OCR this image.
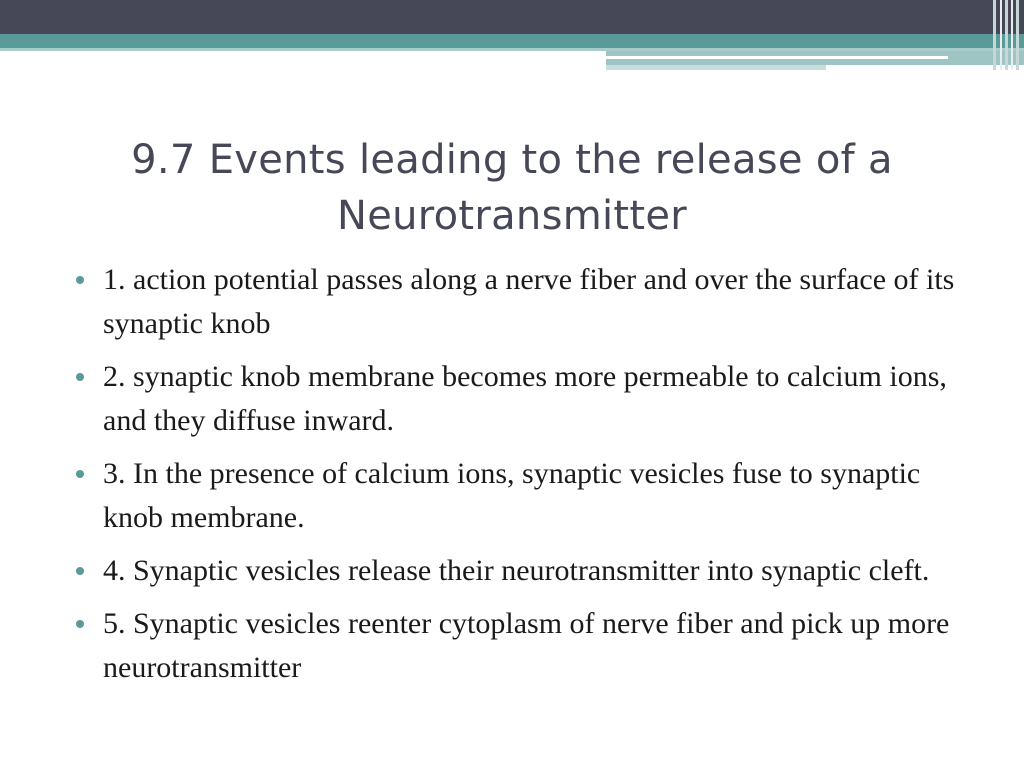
9.7 Events leading to the release of a Neurotransmitter
1. action potential passes along a nerve fiber and over the surface of its synaptic knob
2. synaptic knob membrane becomes more permeable to calcium ions, and they diffuse inward.
3. In the presence of calcium ions, synaptic vesicles fuse to synaptic knob membrane.
4. Synaptic vesicles release their neurotransmitter into synaptic cleft.
5. Synaptic vesicles reenter cytoplasm of nerve fiber and pick up more neurotransmitter
